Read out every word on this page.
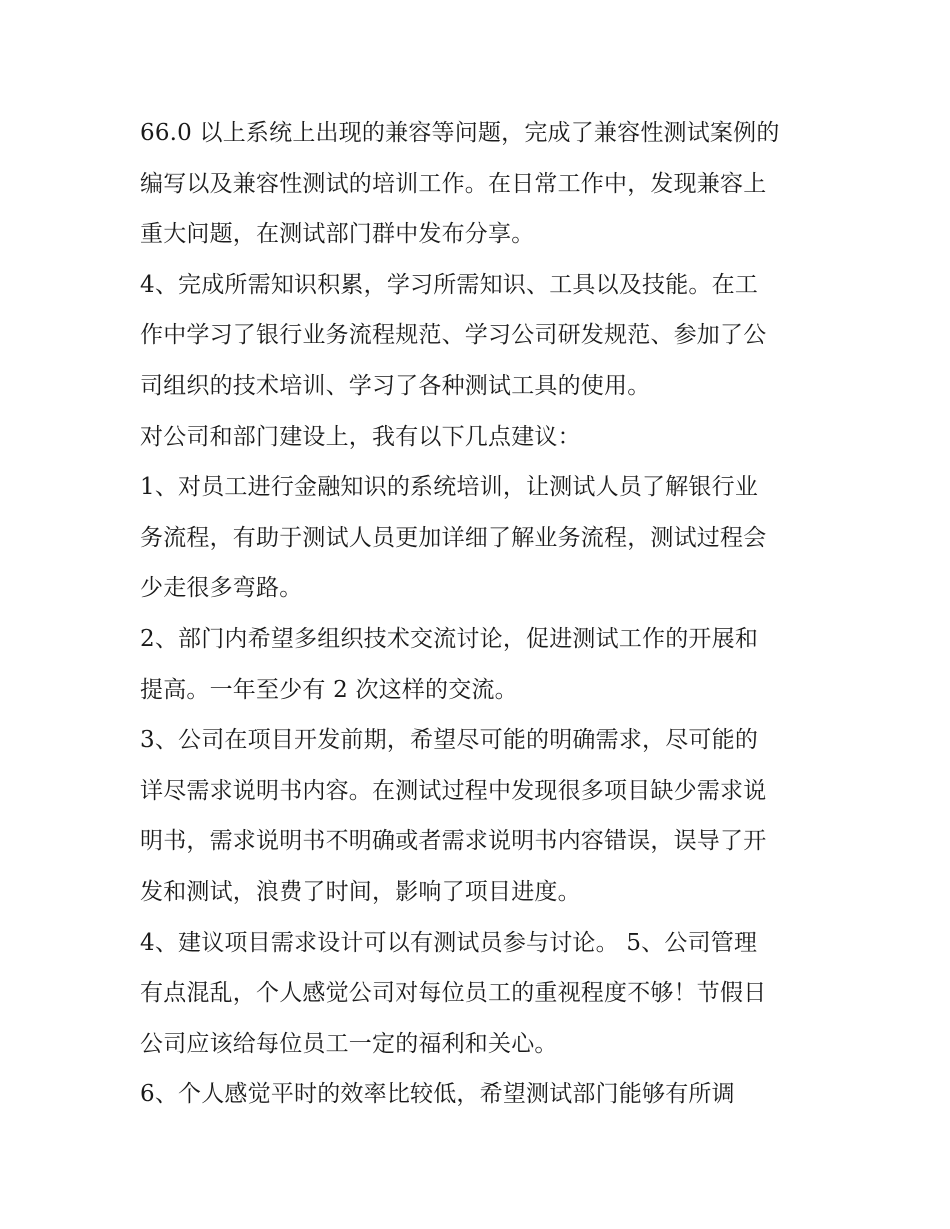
66.0 以上系统上出现的兼容等问题，完成了兼容性测试案例的

编写以及兼容性测试的培训工作。在日常工作中，发现兼容上

重大问题，在测试部门群中发布分享。

4、完成所需知识积累，学习所需知识、工具以及技能。在工

作中学习了银行业务流程规范、学习公司研发规范、参加了公

司组织的技术培训、学习了各种测试工具的使用。

对公司和部门建设上，我有以下几点建议：

1、对员工进行金融知识的系统培训，让测试人员了解银行业

务流程，有助于测试人员更加详细了解业务流程，测试过程会

少走很多弯路。

2、部门内希望多组织技术交流讨论，促进测试工作的开展和

提高。一年至少有 2 次这样的交流。

3、公司在项目开发前期，希望尽可能的明确需求，尽可能的

详尽需求说明书内容。在测试过程中发现很多项目缺少需求说

明书，需求说明书不明确或者需求说明书内容错误，误导了开

发和测试，浪费了时间，影响了项目进度。

4、建议项目需求设计可以有测试员参与讨论。 5、公司管理

有点混乱，个人感觉公司对每位员工的重视程度不够！节假日

公司应该给每位员工一定的福利和关心。

6、个人感觉平时的效率比较低，希望测试部门能够有所调
